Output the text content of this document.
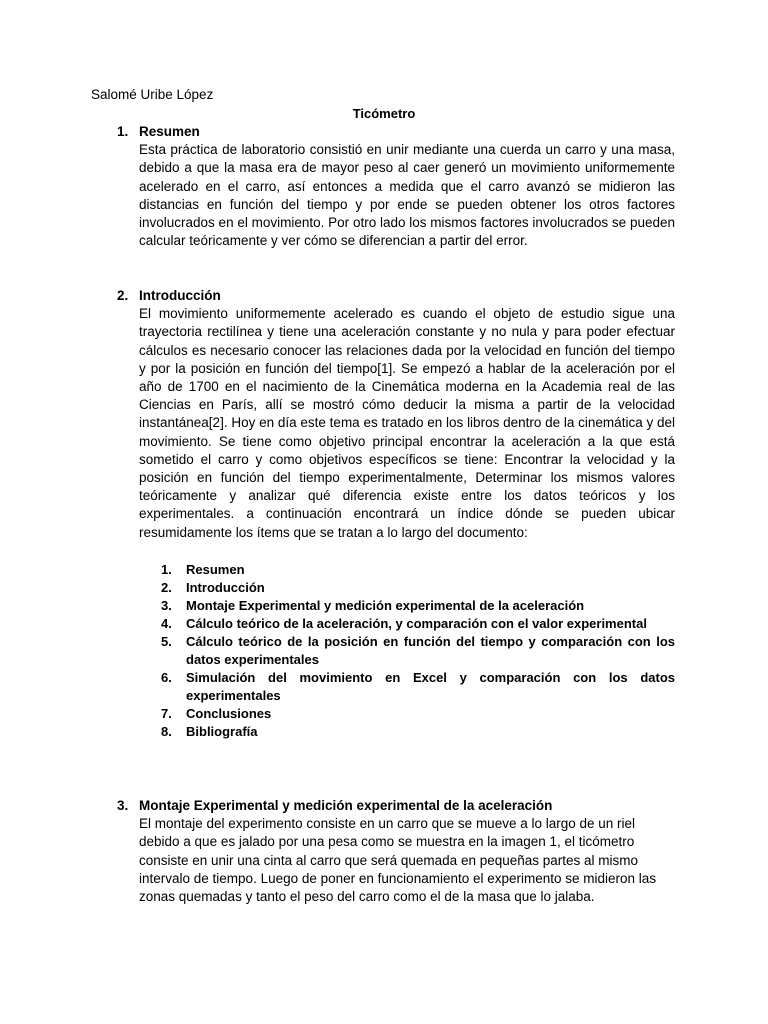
Salomé Uribe López
Ticómetro
1. Resumen
Esta práctica de laboratorio consistió en unir mediante una cuerda un carro y una masa, debido a que la masa era de mayor peso al caer generó un movimiento uniformemente acelerado en el carro, así entonces a medida que el carro avanzó se midieron las distancias en función del tiempo y por ende se pueden obtener los otros factores involucrados en el movimiento. Por otro lado los mismos factores involucrados se pueden calcular teóricamente y ver cómo se diferencian a partir del error.
2. Introducción
El movimiento uniformemente acelerado es cuando el objeto de estudio sigue una trayectoria rectilínea y tiene una aceleración constante y no nula y para poder efectuar cálculos es necesario conocer las relaciones dada por la velocidad en función del tiempo y por la posición en función del tiempo[1]. Se empezó a hablar de la aceleración por el año de 1700 en el nacimiento de la Cinemática moderna en la Academia real de las Ciencias en París, allí se mostró cómo deducir la misma a partir de la velocidad instantánea[2]. Hoy en día este tema es tratado en los libros dentro de la cinemática y del movimiento. Se tiene como objetivo principal encontrar la aceleración a la que está sometido el carro y como objetivos específicos se tiene: Encontrar la velocidad y la posición en función del tiempo experimentalmente, Determinar los mismos valores teóricamente y analizar qué diferencia existe entre los datos teóricos y los experimentales. a continuación encontrará un índice dónde se pueden ubicar resumidamente los ítems que se tratan a lo largo del documento:
1. Resumen
2. Introducción
3. Montaje Experimental y medición experimental de la aceleración
4. Cálculo teórico de la aceleración, y comparación con el valor experimental
5. Cálculo teórico de la posición en función del tiempo y comparación con los datos experimentales
6. Simulación del movimiento en Excel y comparación con los datos experimentales
7. Conclusiones
8. Bibliografía
3. Montaje Experimental y medición experimental de la aceleración
El montaje del experimento consiste en un carro que se mueve a lo largo de un riel debido a que es jalado por una pesa como se muestra en la imagen 1, el ticómetro consiste en unir una cinta al carro que será quemada en pequeñas partes al mismo intervalo de tiempo. Luego de poner en funcionamiento el experimento se midieron las zonas quemadas y tanto el peso del carro como el de la masa que lo jalaba.
